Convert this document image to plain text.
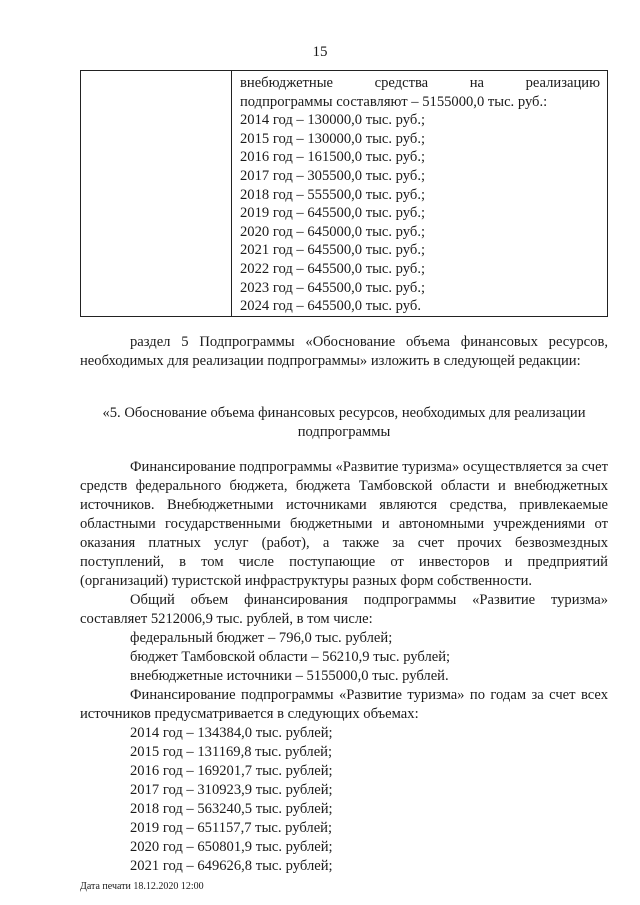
15
внебюджетные	средства	на	реализацию
подпрограммы составляют – 5155000,0 тыс. руб.:
2014 год – 130000,0 тыс. руб.;
2015 год – 130000,0 тыс. руб.;
2016 год – 161500,0 тыс. руб.;
2017 год – 305500,0 тыс. руб.;
2018 год – 555500,0 тыс. руб.;
2019 год – 645500,0 тыс. руб.;
2020 год – 645000,0 тыс. руб.;
2021 год – 645500,0 тыс. руб.;
2022 год – 645500,0 тыс. руб.;
2023 год – 645500,0 тыс. руб.;
2024 год – 645500,0 тыс. руб.

раздел 5 Подпрограммы «Обоснование объема финансовых ресурсов, необходимых для реализации подпрограммы» изложить в следующей редакции:

«5. Обоснование объема финансовых ресурсов, необходимых для реализации подпрограммы

Финансирование подпрограммы «Развитие туризма» осуществляется за счет средств федерального бюджета, бюджета Тамбовской области и внебюджетных источников. Внебюджетными источниками являются средства, привлекаемые областными государственными бюджетными и автономными учреждениями от оказания платных услуг (работ), а также за счет прочих безвозмездных поступлений, в том числе поступающие от инвесторов и предприятий (организаций) туристской инфраструктуры разных форм собственности.

Общий объем финансирования подпрограммы «Развитие туризма» составляет 5212006,9 тыс. рублей, в том числе:

федеральный бюджет – 796,0 тыс. рублей;
бюджет Тамбовской области – 56210,9 тыс. рублей;
внебюджетные источники – 5155000,0 тыс. рублей.

Финансирование подпрограммы «Развитие туризма» по годам за счет всех источников предусматривается в следующих объемах:

2014 год – 134384,0 тыс. рублей;
2015 год – 131169,8 тыс. рублей;
2016 год – 169201,7 тыс. рублей;
2017 год – 310923,9 тыс. рублей;
2018 год – 563240,5 тыс. рублей;
2019 год – 651157,7 тыс. рублей;
2020 год – 650801,9 тыс. рублей;
2021 год – 649626,8 тыс. рублей;
Дата печати 18.12.2020 12:00
